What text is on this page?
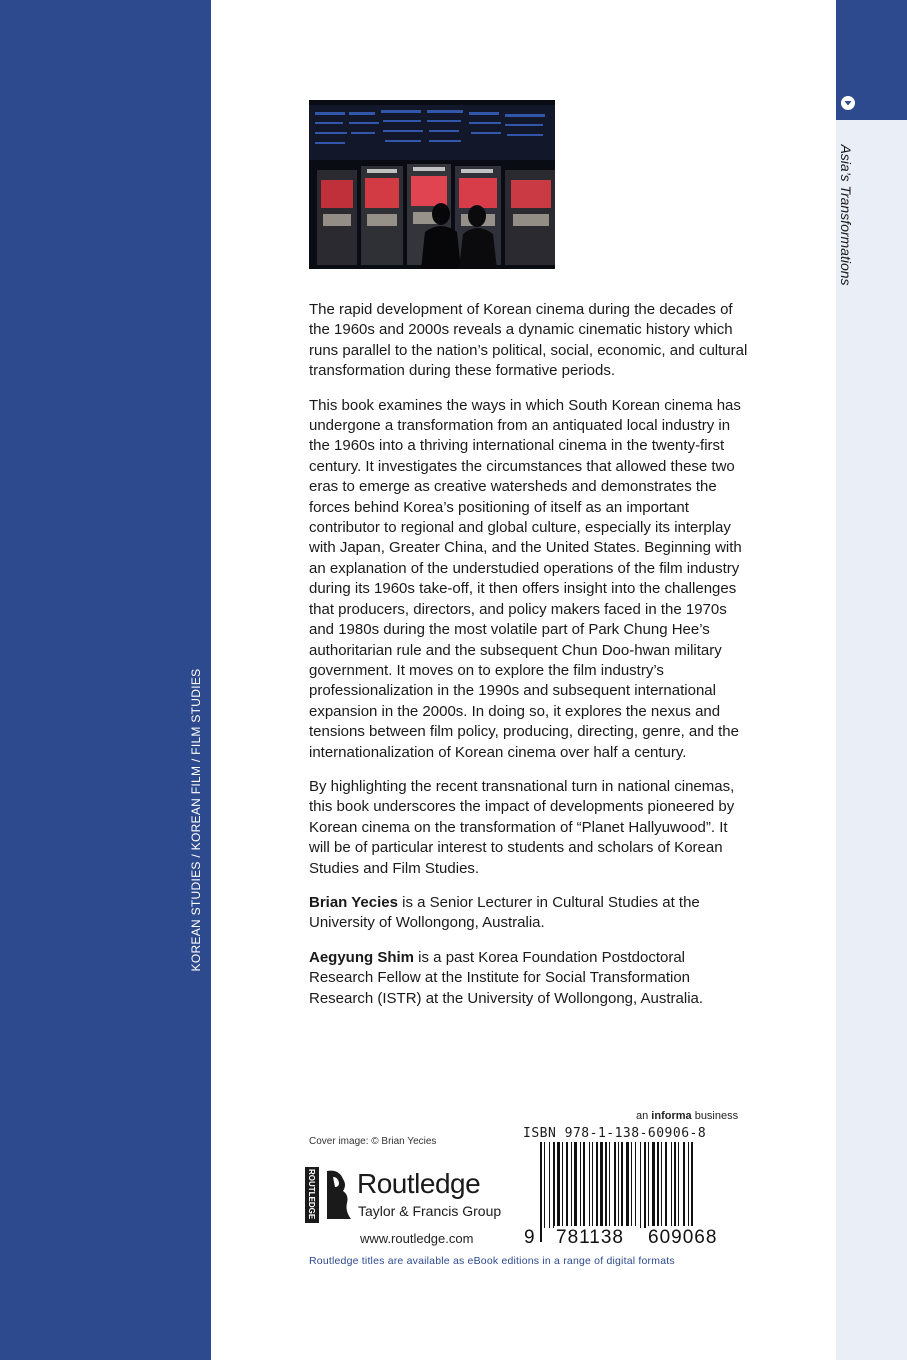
KOREAN STUDIES / KOREAN FILM / FILM STUDIES
Asia’s Transformations

The rapid development of Korean cinema during the decades of the 1960s and 2000s reveals a dynamic cinematic history which runs parallel to the nation’s political, social, economic, and cultural transformation during these formative periods.

This book examines the ways in which South Korean cinema has undergone a transformation from an antiquated local industry in the 1960s into a thriving international cinema in the twenty-first century. It investigates the circumstances that allowed these two eras to emerge as creative watersheds and demonstrates the forces behind Korea’s positioning of itself as an important contributor to regional and global culture, especially its interplay with Japan, Greater China, and the United States. Beginning with an explanation of the understudied operations of the film industry during its 1960s take-off, it then offers insight into the challenges that producers, directors, and policy makers faced in the 1970s and 1980s during the most volatile part of Park Chung Hee’s authoritarian rule and the subsequent Chun Doo-hwan military government. It moves on to explore the film industry’s professionalization in the 1990s and subsequent international expansion in the 2000s. In doing so, it explores the nexus and tensions between film policy, producing, directing, genre, and the internationalization of Korean cinema over half a century.

By highlighting the recent transnational turn in national cinemas, this book underscores the impact of developments pioneered by Korean cinema on the transformation of “Planet Hallyuwood”. It will be of particular interest to students and scholars of Korean Studies and Film Studies.

Brian Yecies is a Senior Lecturer in Cultural Studies at the University of Wollongong, Australia.

Aegyung Shim is a past Korea Foundation Postdoctoral Research Fellow at the Institute for Social Transformation Research (ISTR) at the University of Wollongong, Australia.

an informa business
ISBN 978-1-138-60906-8
9 781138 609068
Cover image: © Brian Yecies
ROUTLEDGE Routledge
Taylor & Francis Group
www.routledge.com
Routledge titles are available as eBook editions in a range of digital formats
